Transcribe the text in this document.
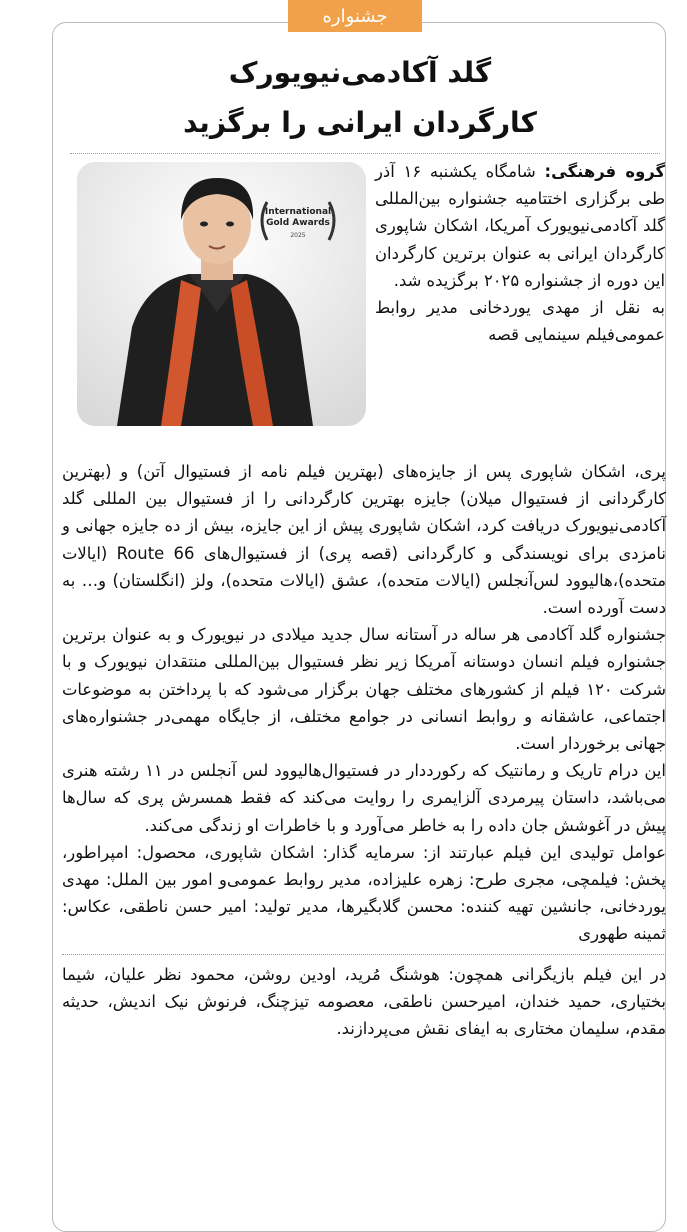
جشنواره
گلد آکادمی‌نیویورک
کارگردان ایرانی را برگزید
International
Gold Awards
2025

گروه فرهنگی: شامگاه یکشنبه ۱۶ آذر طی برگزاری اختتامیه جشنواره بین‌المللی گلد آکادمی‌نیویورک آمریکا، اشکان شاپوری کارگردان ایرانی به عنوان برترین کارگردان این دوره از جشنواره ۲۰۲۵ برگزیده شد.

به نقل از مهدی یوردخانی مدیر روابط عمومی‌فیلم سینمایی قصه

پری، اشکان شاپوری پس از جایزه‌های (بهترین فیلم نامه از فستیوال آتن) و (بهترین کارگردانی از فستیوال میلان) جایزه بهترین کارگردانی را از فستیوال بین المللی گلد آکادمی‌نیویورک دریافت کرد، اشکان شاپوری پیش از این جایزه، بیش از ده جایزه جهانی و نامزدی برای نویسندگی و کارگردانی (قصه پری) از فستیوال‌های Route 66 (ایالات متحده)،هالیوود لس‌آنجلس (ایالات متحده)، عشق (ایالات متحده)، ولز (انگلستان) و… به دست آورده است.

جشنواره گلد آکادمی هر ساله در آستانه سال جدید میلادی در نیویورک و به عنوان برترین جشنواره فیلم انسان دوستانه آمریکا زیر نظر فستیوال بین‌المللی منتقدان نیویورک و با شرکت ۱۲۰ فیلم از کشورهای مختلف جهان برگزار می‌شود که با پرداختن به موضوعات اجتماعی، عاشقانه و روابط انسانی در جوامع مختلف، از جایگاه مهمی‌در جشنواره‌های جهانی برخوردار است.

این درام تاریک و رمانتیک که رکورددار در فستیوال‌هالیوود لس آنجلس در ۱۱ رشته هنری می‌باشد، داستان پیرمردی آلزایمری را روایت می‌کند که فقط همسرش پری که سال‌ها پیش در آغوشش جان داده را به خاطر می‌آورد و با خاطرات او زندگی می‌کند.

عوامل تولیدی این فیلم عبارتند از: سرمایه گذار: اشکان شاپوری، محصول: امپراطور، پخش: فیلمچی، مجری طرح: زهره علیزاده، مدیر روابط عمومی‌و امور بین الملل: مهدی یوردخانی، جانشین تهیه کننده: محسن گلابگیرها، مدیر تولید: امیر حسن ناطقی، عکاس: ثمینه طهوری

در این فیلم بازیگرانی همچون: هوشنگ مُرید، اودین روشن، محمود نظر علیان، شیما بختیاری، حمید خندان، امیرحسن ناطقی، معصومه تیزچنگ، فرنوش نیک اندیش، حدیثه مقدم، سلیمان مختاری به ایفای نقش می‌پردازند.
